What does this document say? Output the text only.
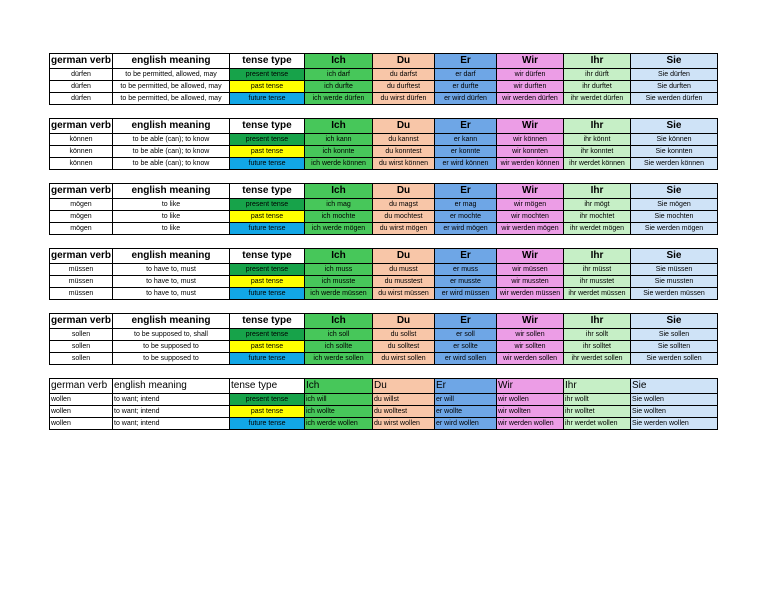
german verb	english meaning	tense type	Ich	Du	Er	Wir	Ihr	Sie
dürfen	to be permitted, allowed, may	present tense	ich darf	du darfst	er darf	wir dürfen	ihr dürft	Sie dürfen
dürfen	to be permitted, be allowed, may	past tense	ich durfte	du durftest	er durfte	wir durften	ihr durftet	Sie durften
dürfen	to be permitted, be allowed, may	future tense	ich werde dürfen	du wirst dürfen	er wird dürfen	wir werden dürfen	ihr werdet dürfen	Sie werden dürfen
german verb	english meaning	tense type	Ich	Du	Er	Wir	Ihr	Sie
können	to be able (can); to know	present tense	ich kann	du kannst	er kann	wir können	ihr könnt	Sie können
können	to be able (can); to know	past tense	ich konnte	du konntest	er konnte	wir konnten	ihr konntet	Sie konnten
können	to be able (can); to know	future tense	ich werde können	du wirst können	er wird können	wir werden können	ihr werdet können	Sie werden können
german verb	english meaning	tense type	Ich	Du	Er	Wir	Ihr	Sie
mögen	to like	present tense	ich mag	du magst	er mag	wir mögen	ihr mögt	Sie mögen
mögen	to like	past tense	ich mochte	du mochtest	er mochte	wir mochten	ihr mochtet	Sie mochten
mögen	to like	future tense	ich werde mögen	du wirst mögen	er wird mögen	wir werden mögen	ihr werdet mögen	Sie werden mögen
german verb	english meaning	tense type	Ich	Du	Er	Wir	Ihr	Sie
müssen	to have to, must	present tense	ich muss	du musst	er muss	wir müssen	ihr müsst	Sie müssen
müssen	to have to, must	past tense	ich musste	du musstest	er musste	wir mussten	ihr musstet	Sie mussten
müssen	to have to, must	future tense	ich werde müssen	du wirst müssen	er wird müssen	wir werden müssen	ihr werdet müssen	Sie werden müssen
german verb	english meaning	tense type	Ich	Du	Er	Wir	Ihr	Sie
sollen	to be supposed to, shall	present tense	ich soll	du sollst	er soll	wir sollen	ihr sollt	Sie sollen
sollen	to be supposed to	past tense	ich sollte	du solltest	er sollte	wir sollten	ihr solltet	Sie sollten
sollen	to be supposed to	future tense	ich werde sollen	du wirst sollen	er wird sollen	wir werden sollen	ihr werdet sollen	Sie werden sollen
german verb	english meaning	tense type	Ich	Du	Er	Wir	Ihr	Sie
wollen	to want; intend	present tense	ich will	du willst	er will	wir wollen	ihr wollt	Sie wollen
wollen	to want; intend	past tense	ich wollte	du wolltest	er wollte	wir wollten	ihr wolltet	Sie wollten
wollen	to want; intend	future tense	ich werde wollen	du wirst wollen	er wird wollen	wir werden wollen	ihr werdet wollen	Sie werden wollen
